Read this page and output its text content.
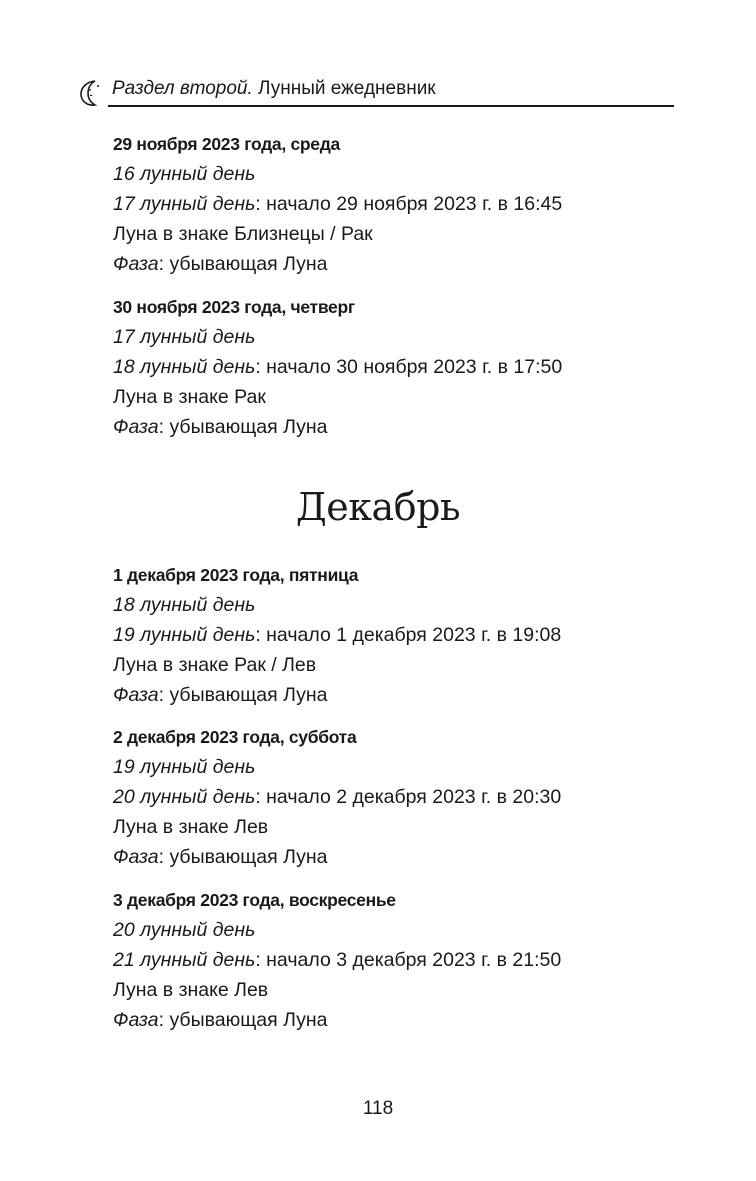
Раздел второй. Лунный ежедневник
29 ноября 2023 года, среда
16 лунный день
17 лунный день: начало 29 ноября 2023 г. в 16:45
Луна в знаке Близнецы / Рак
Фаза: убывающая Луна
30 ноября 2023 года, четверг
17 лунный день
18 лунный день: начало 30 ноября 2023 г. в 17:50
Луна в знаке Рак
Фаза: убывающая Луна
Декабрь
1 декабря 2023 года, пятница
18 лунный день
19 лунный день: начало 1 декабря 2023 г. в 19:08
Луна в знаке Рак / Лев
Фаза: убывающая Луна
2 декабря 2023 года, суббота
19 лунный день
20 лунный день: начало 2 декабря 2023 г. в 20:30
Луна в знаке Лев
Фаза: убывающая Луна
3 декабря 2023 года, воскресенье
20 лунный день
21 лунный день: начало 3 декабря 2023 г. в 21:50
Луна в знаке Лев
Фаза: убывающая Луна
118
